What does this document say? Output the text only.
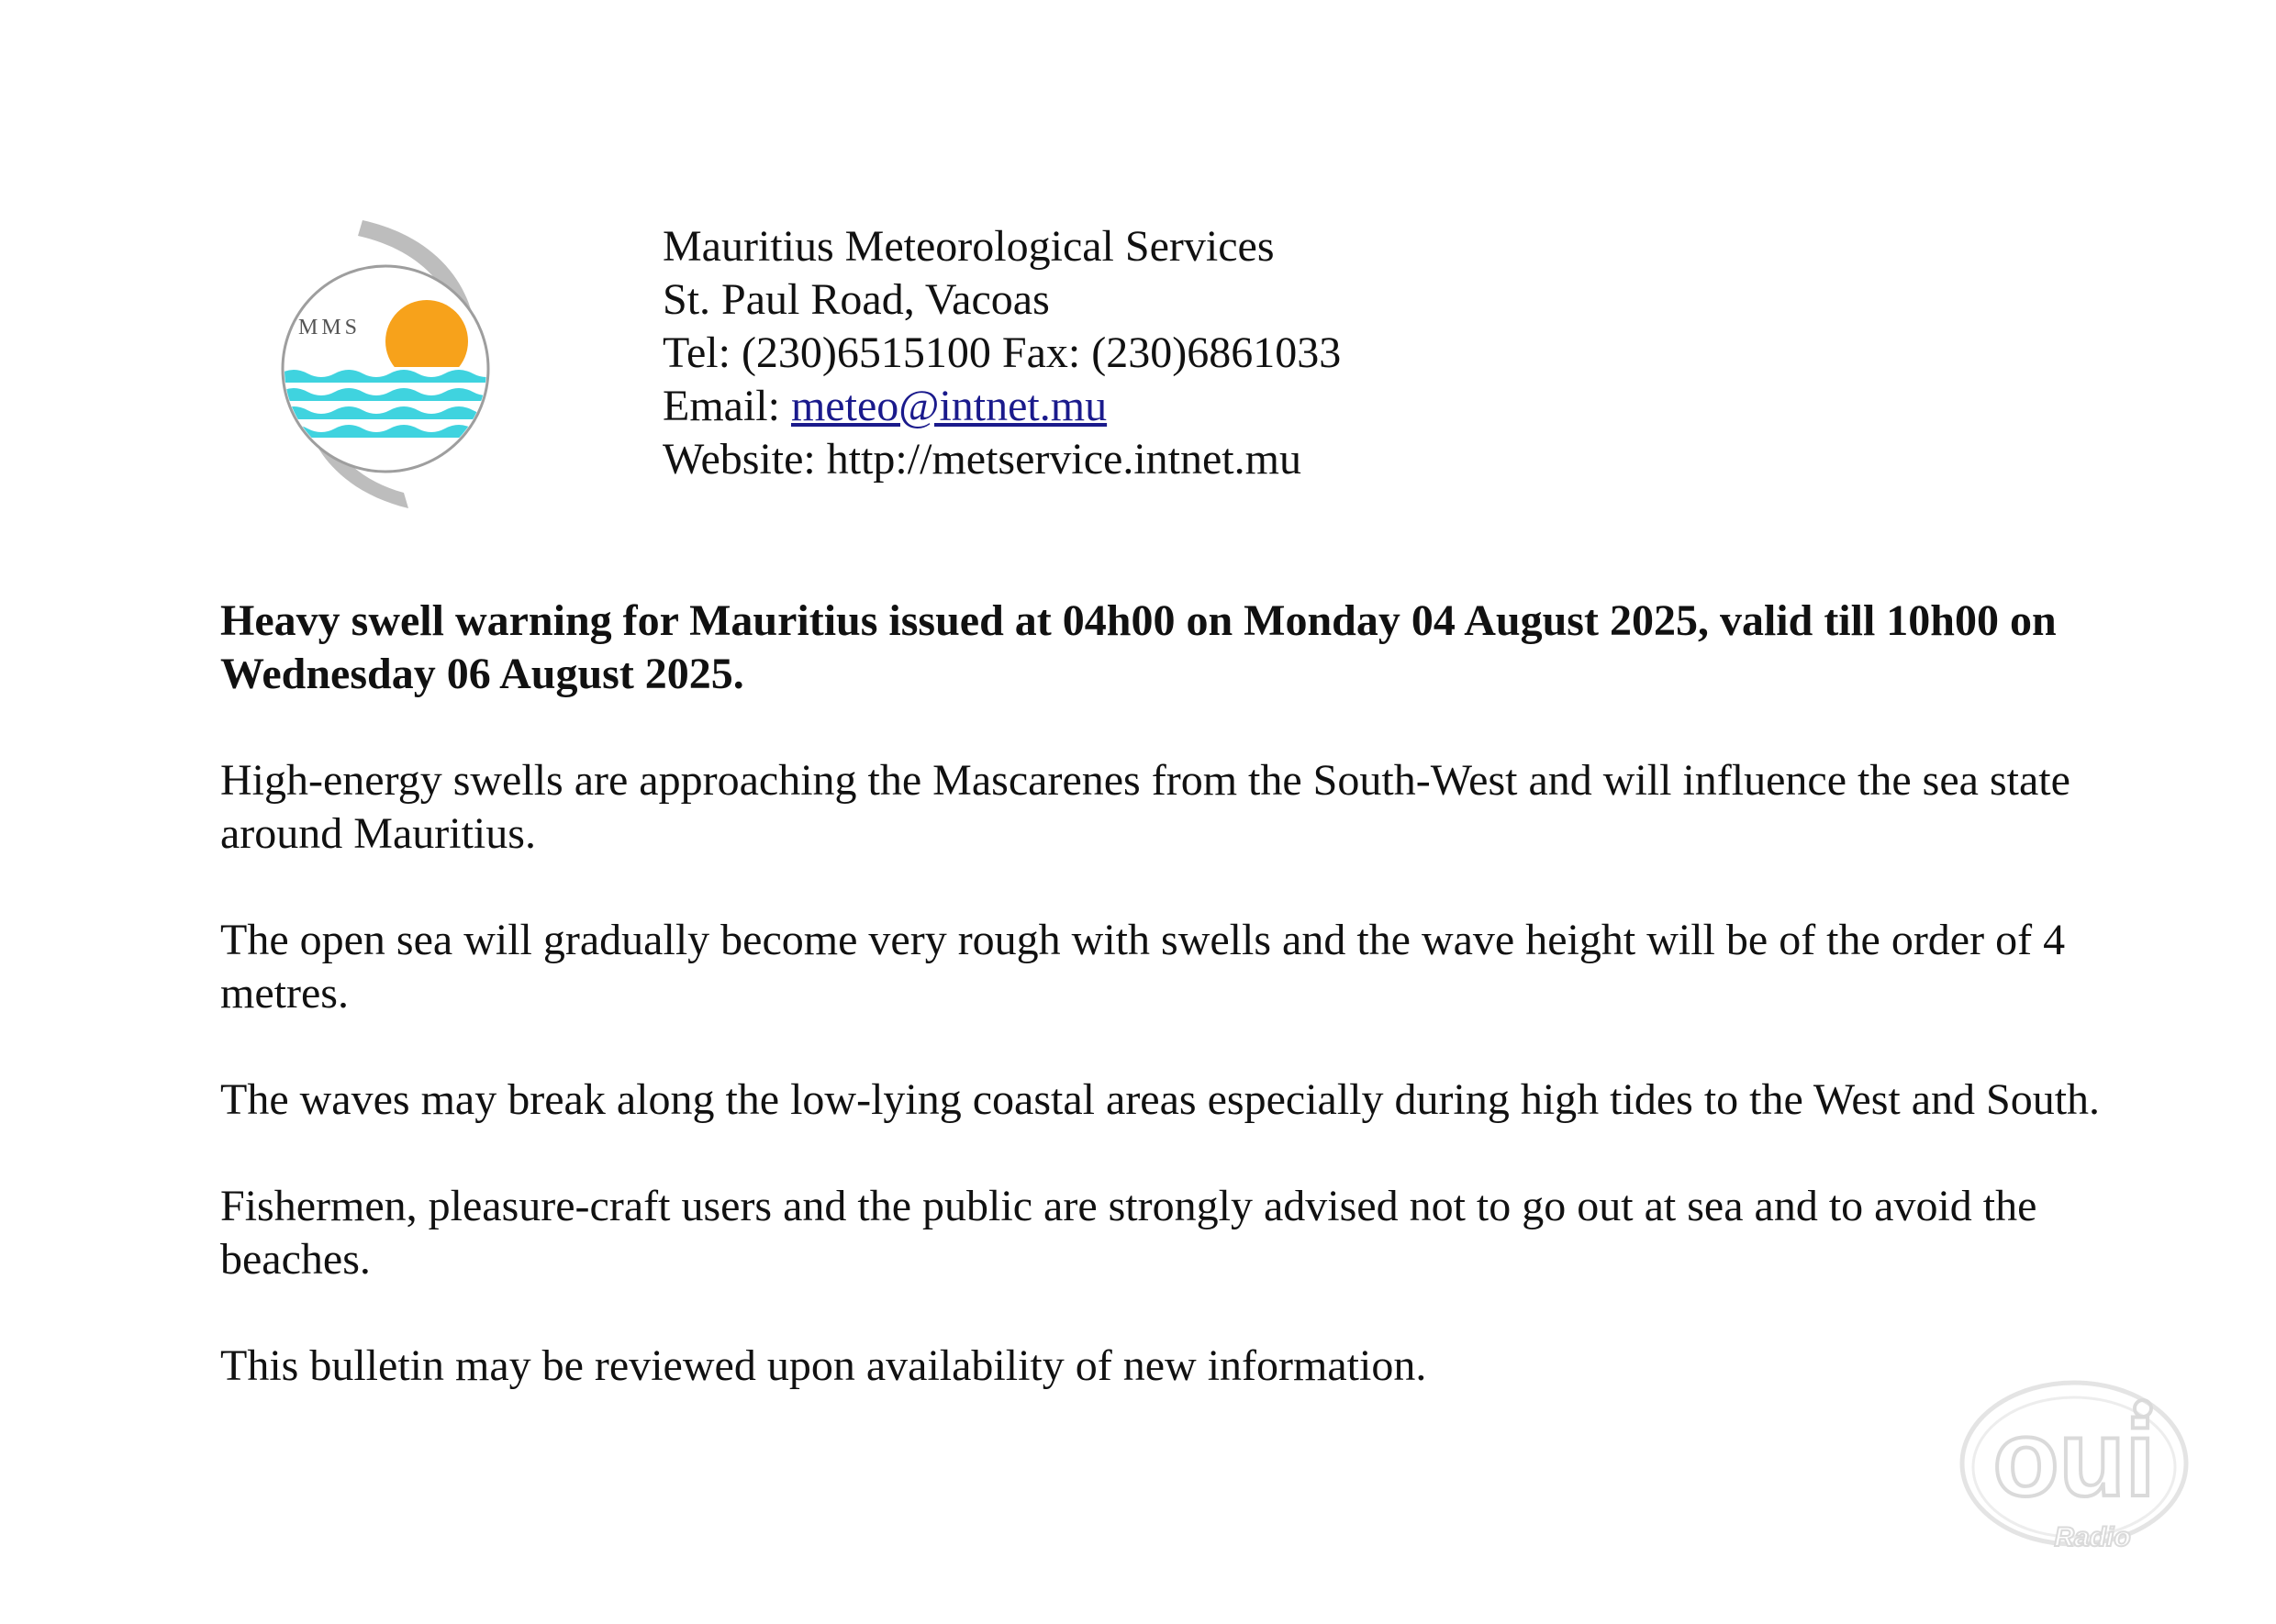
MMS
Mauritius Meteorological Services
St. Paul Road, Vacoas
Tel: (230)6515100 Fax: (230)6861033
Email: meteo@intnet.mu
Website: http://metservice.intnet.mu

Heavy swell warning for Mauritius issued at 04h00 on Monday 04 August 2025, valid till 10h00 on Wednesday 06 August 2025.

High-energy swells are approaching the Mascarenes from the South-West and will influence the sea state around Mauritius.

The open sea will gradually become very rough with swells and the wave height will be of the order of 4 metres.

The waves may break along the low-lying coastal areas especially during high tides to the West and South.

Fishermen, pleasure-craft users and the public are strongly advised not to go out at sea and to avoid the beaches.

This bulletin may be reviewed upon availability of new information.

oui
Radio
